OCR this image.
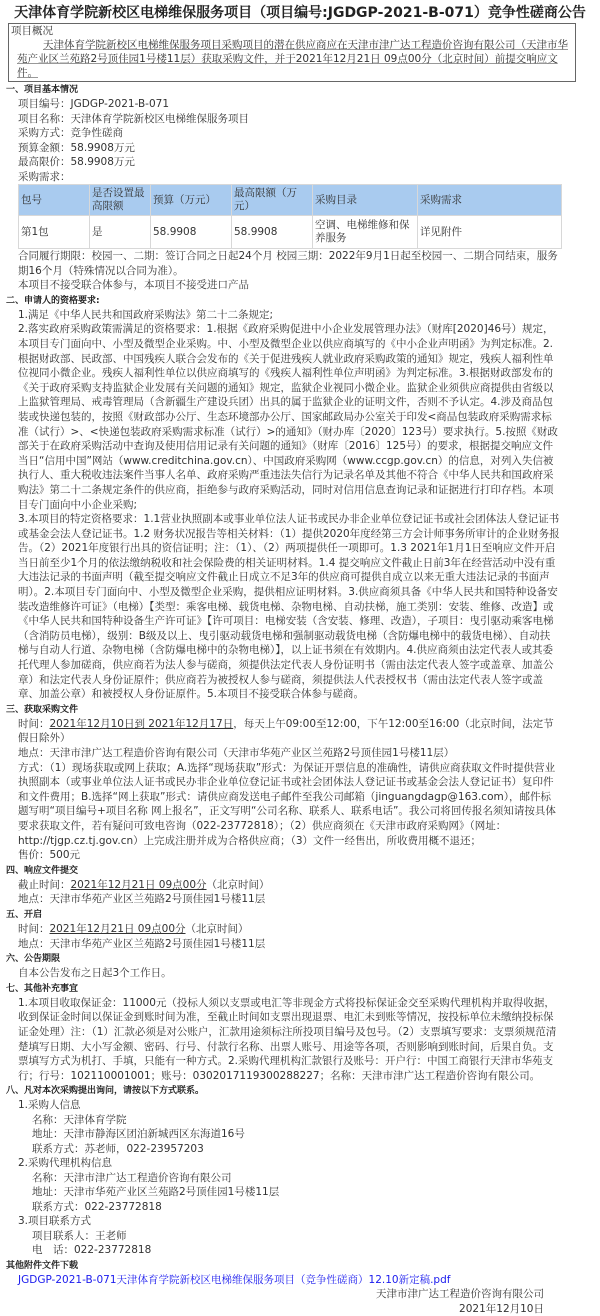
天津体育学院新校区电梯维保服务项目（项目编号:JGDGP-2021-B-071）竞争性磋商公告
项目概况
天津体育学院新校区电梯维保服务项目采购项目的潜在供应商应在天津市津广达工程造价咨询有限公司（天津市华苑产业区兰苑路2号顶佳园1号楼11层）获取采购文件，并于2021年12月21日 09点00分（北京时间）前提交响应文件。
一、项目基本情况
项目编号：JGDGP-2021-B-071
项目名称：天津体育学院新校区电梯维保服务项目
采购方式：竞争性磋商
预算金额：58.9908万元
最高限价：58.9908万元
采购需求：
包号	是否设置最高限额	预算（万元）	最高限额（万元）	采购目录	采购需求
第1包	是	58.9908	58.9908	空调、电梯维修和保养服务	详见附件
合同履行期限：校园一、二期：签订合同之日起24个月 校园三期：2022年9月1日起至校园一、二期合同结束，服务期16个月（特殊情况以合同为准）。
本项目不接受联合体参与，本项目不接受进口产品
二、申请人的资格要求:
1.满足《中华人民共和国政府采购法》第二十二条规定;
2.落实政府采购政策需满足的资格要求：1.根据《政府采购促进中小企业发展管理办法》（财库[2020]46号）规定，本项目专门面向中、小型及微型企业采购。中、小型及微型企业以供应商填写的《中小企业声明函》为判定标准。2.根据财政部、民政部、中国残疾人联合会发布的《关于促进残疾人就业政府采购政策的通知》规定，残疾人福利性单位视同小微企业。残疾人福利性单位以供应商填写的《残疾人福利性单位声明函》为判定标准。3.根据财政部发布的《关于政府采购支持监狱企业发展有关问题的通知》规定，监狱企业视同小微企业。监狱企业须供应商提供由省级以上监狱管理局、戒毒管理局（含新疆生产建设兵团）出具的属于监狱企业的证明文件，否则不予认定。4.涉及商品包装或快递包装的，按照《财政部办公厅、生态环境部办公厅、国家邮政局办公室关于印发<商品包装政府采购需求标准（试行）>、<快递包装政府采购需求标准（试行）>的通知》（财办库〔2020〕123号）要求执行。5.按照《财政部关于在政府采购活动中查询及使用信用记录有关问题的通知》（财库〔2016〕125号）的要求，根据提交响应文件当日“信用中国”网站（www.creditchina.gov.cn）、中国政府采购网（www.ccgp.gov.cn）的信息，对列入失信被执行人、重大税收违法案件当事人名单、政府采购严重违法失信行为记录名单及其他不符合《中华人民共和国政府采购法》第二十二条规定条件的供应商，拒绝参与政府采购活动，同时对信用信息查询记录和证据进行打印存档。本项目专门面向中小企业采购;
3.本项目的特定资格要求：1.1营业执照副本或事业单位法人证书或民办非企业单位登记证书或社会团体法人登记证书或基金会法人登记证书。1.2 财务状况报告等相关材料：（1）提供2020年度经第三方会计师事务所审计的企业财务报告。（2）2021年度银行出具的资信证明；注：（1）、（2）两项提供任一项即可。1.3 2021年1月1日至响应文件开启当日前至少1个月的依法缴纳税收和社会保险费的相关证明材料。1.4 提交响应文件截止日前3年在经营活动中没有重大违法记录的书面声明（截至提交响应文件截止日成立不足3年的供应商可提供自成立以来无重大违法记录的书面声明）。2.本项目专门面向中、小型及微型企业采购，提供相应证明材料。3.供应商须具备《中华人民共和国特种设备安装改造维修许可证》（电梯）【类型：乘客电梯、载货电梯、杂物电梯、自动扶梯，施工类别：安装、维修、改造】或《中华人民共和国特种设备生产许可证》【许可项目：电梯安装（含安装、修理、改造），子项目：曳引驱动乘客电梯（含消防员电梯），级别：B级及以上、曳引驱动载货电梯和强制驱动载货电梯（含防爆电梯中的载货电梯）、自动扶梯与自动人行道、杂物电梯（含防爆电梯中的杂物电梯）】，以上证书须在有效期内。4.供应商须由法定代表人或其委托代理人参加磋商，供应商若为法人参与磋商，须提供法定代表人身份证明书（需由法定代表人签字或盖章、加盖公章）和法定代表人身份证原件；供应商若为被授权人参与磋商，须提供法人代表授权书（需由法定代表人签字或盖章、加盖公章）和被授权人身份证原件。5.本项目不接受联合体参与磋商。
三、获取采购文件
时间：2021年12月10日到 2021年12月17日，每天上午09:00至12:00，下午12:00至16:00（北京时间，法定节假日除外）
地点：天津市津广达工程造价咨询有限公司（天津市华苑产业区兰苑路2号顶佳园1号楼11层）
方式：（1）现场获取或网上获取；A.选择“现场获取”形式：为保证开票信息的准确性，请供应商获取文件时提供营业执照副本（或事业单位法人证书或民办非企业单位登记证书或社会团体法人登记证书或基金会法人登记证书）复印件和文件费用；B.选择“网上获取”形式：请供应商发送电子邮件至我公司邮箱（jinguangdagp@163.com），邮件标题写明“项目编号+项目名称 网上报名”，正文写明“公司名称、联系人、联系电话”。我公司将回传报名须知请按具体要求获取文件，若有疑问可致电咨询（022-23772818）；（2）供应商须在《天津市政府采购网》（网址：http://tjgp.cz.tj.gov.cn）上完成注册并成为合格供应商；（3）文件一经售出，所收费用概不退还；
售价：500元
四、响应文件提交
截止时间：2021年12月21日 09点00分（北京时间）
地点：天津市华苑产业区兰苑路2号顶佳园1号楼11层
五、开启
时间：2021年12月21日 09点00分（北京时间）
地点：天津市华苑产业区兰苑路2号顶佳园1号楼11层
六、公告期限
自本公告发布之日起3个工作日。
七、其他补充事宜
1.本项目收取保证金：11000元（投标人须以支票或电汇等非现金方式将投标保证金交至采购代理机构并取得收据，收到保证金时间以保证金到账时间为准，至截止时间如支票出现退票、电汇未到账等情况，按投标单位未缴纳投标保证金处理）注：（1）汇款必须是对公账户，汇款用途须标注所投项目编号及包号。（2）支票填写要求：支票须规范清楚填写日期、大小写金额、密码、行号、付款行名称、出票人账号、用途等各项，否则影响到账时间，后果自负。支票填写方式为机打、手填，只能有一种方式。2.采购代理机构汇款银行及账号：开户行：中国工商银行天津市华苑支行；行号：102110001001；账号：0302017119300288227；名称：天津市津广达工程造价咨询有限公司。
八、凡对本次采购提出询问，请按以下方式联系。
1.采购人信息
名称：天津体育学院
地址：天津市静海区团泊新城西区东海道16号
联系方式：苏老师，022-23957203
2.采购代理机构信息
名称：天津市津广达工程造价咨询有限公司
地址：天津市华苑产业区兰苑路2号顶佳园1号楼11层
联系方式：022-23772818
3.项目联系方式
项目联系人：王老师
电　话：022-23772818
其他附件文件下载
JGDGP-2021-B-071天津体育学院新校区电梯维保服务项目（竞争性磋商）12.10新定稿.pdf
天津市津广达工程造价咨询有限公司
2021年12月10日
